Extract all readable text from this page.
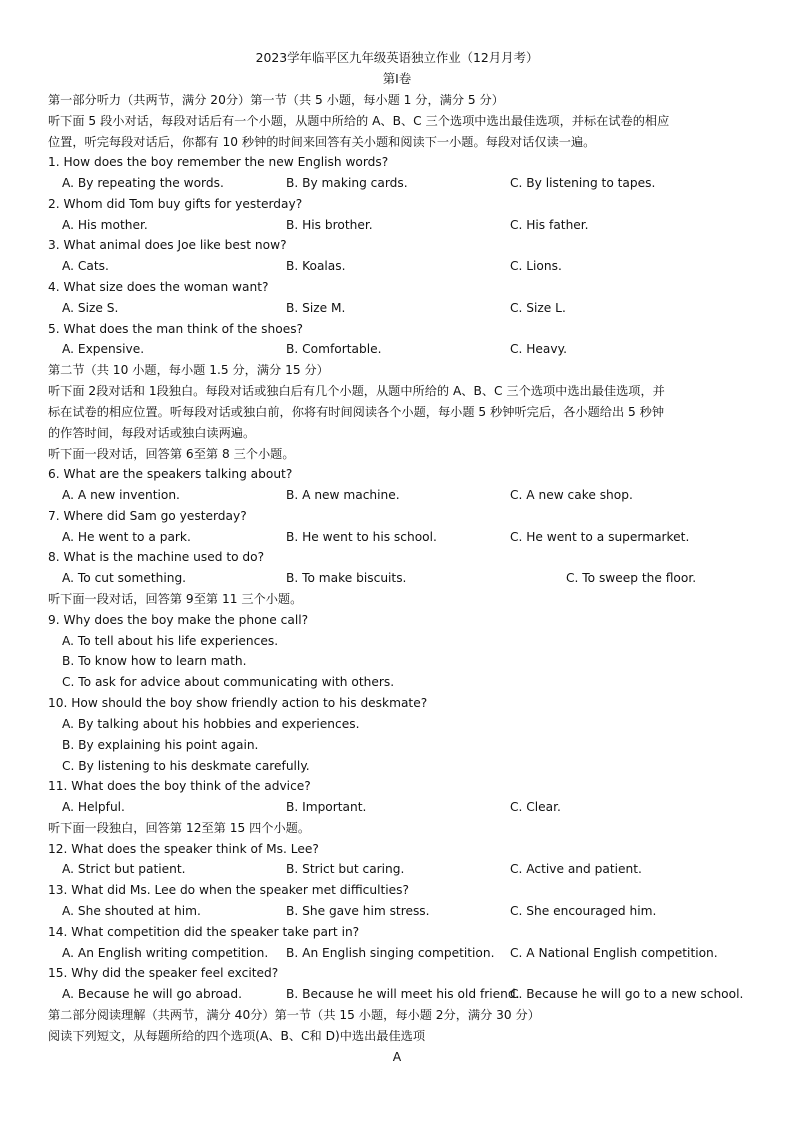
2023学年临平区九年级英语独立作业（12月月考）
第I卷
第一部分听力（共两节，满分 20分）第一节（共 5 小题，每小题 1 分，满分 5 分）
听下面 5 段小对话，每段对话后有一个小题，从题中所给的 A、B、C 三个选项中选出最佳选项，并标在试卷的相应
位置，听完每段对话后，你都有 10 秒钟的时间来回答有关小题和阅读下一小题。每段对话仅读一遍。
1. How does the boy remember the new English words?
A. By repeating the words.	B. By making cards.	C. By listening to tapes.
2. Whom did Tom buy gifts for yesterday?
A. His mother.	B. His brother.	C. His father.
3. What animal does Joe like best now?
A. Cats.	B. Koalas.	C. Lions.
4. What size does the woman want?
A. Size S.	B. Size M.	C. Size L.
5. What does the man think of the shoes?
A. Expensive.	B. Comfortable.	C. Heavy.
第二节（共 10 小题，每小题 1.5 分，满分 15 分）
听下面 2段对话和 1段独白。每段对话或独白后有几个小题，从题中所给的 A、B、C 三个选项中选出最佳选项，并
标在试卷的相应位置。听每段对话或独白前，你将有时间阅读各个小题，每小题 5 秒钟听完后，各小题给出 5 秒钟
的作答时间，每段对话或独白读两遍。
听下面一段对话，回答第 6至第 8 三个小题。
6. What are the speakers talking about?
A. A new invention.	B. A new machine.	C. A new cake shop.
7. Where did Sam go yesterday?
A. He went to a park.	B. He went to his school.	C. He went to a supermarket.
8. What is the machine used to do?
A. To cut something.	B. To make biscuits.	C. To sweep the floor.
听下面一段对话，回答第 9至第 11 三个小题。
9. Why does the boy make the phone call?
A. To tell about his life experiences.
B. To know how to learn math.
C. To ask for advice about communicating with others.
10. How should the boy show friendly action to his deskmate?
A. By talking about his hobbies and experiences.
B. By explaining his point again.
C. By listening to his deskmate carefully.
11. What does the boy think of the advice?
A. Helpful.	B. Important.	C. Clear.
听下面一段独白，回答第 12至第 15 四个小题。
12. What does the speaker think of Ms. Lee?
A. Strict but patient.	B. Strict but caring.	C. Active and patient.
13. What did Ms. Lee do when the speaker met difficulties?
A. She shouted at him.	B. She gave him stress.	C. She encouraged him.
14. What competition did the speaker take part in?
A. An English writing competition. B. An English singing competition. C. A National English competition.
15. Why did the speaker feel excited?
A. Because he will go abroad.	B. Because he will meet his old friend.
C. Because he will go to a new school.
第二部分阅读理解（共两节，满分 40分）第一节（共 15 小题，每小题 2分，满分 30 分）
阅读下列短文，从每题所给的四个选项(A、B、C和 D)中选出最佳选项
A
